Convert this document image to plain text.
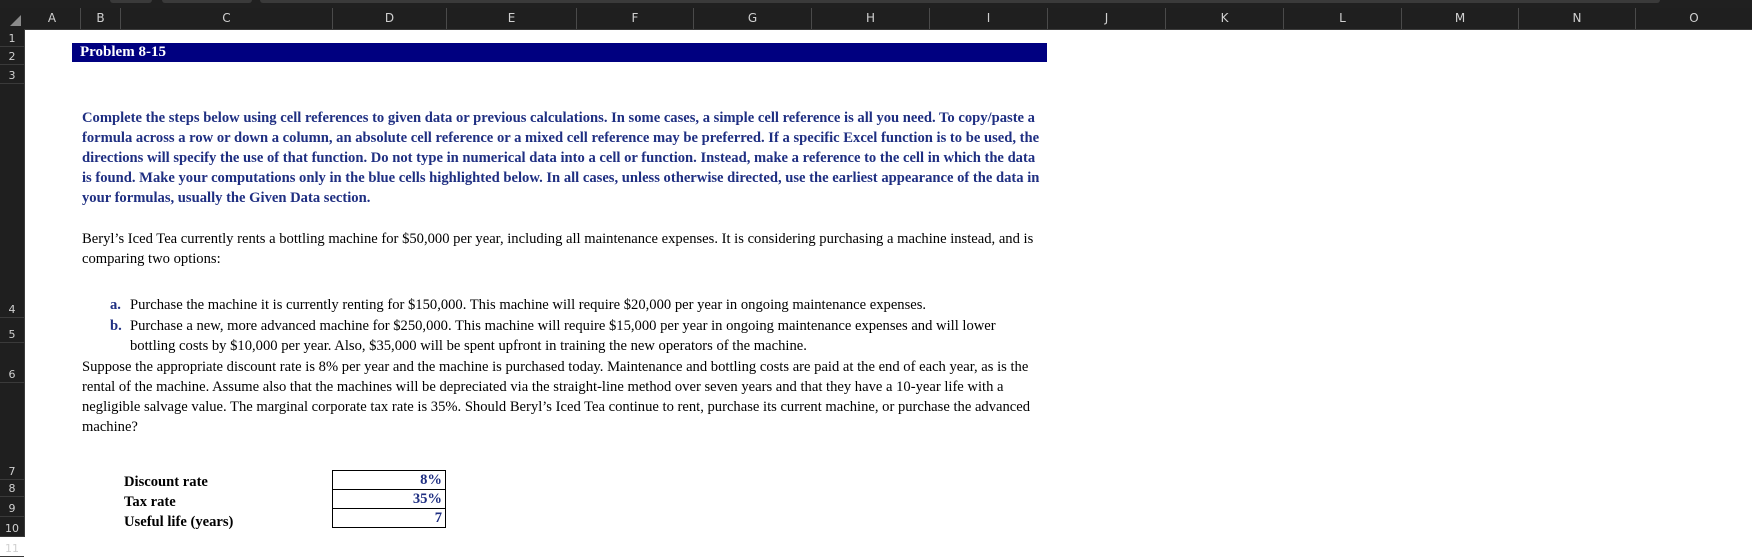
A	B	C	D	E	F	G	H	I	J	K	L	M	N	O
1
2
3
4
5
6
7
8
9
10
11
Problem 8-15
Complete the steps below using cell references to given data or previous calculations. In some cases, a simple cell reference is all you need. To copy/paste a formula across a row or down a column, an absolute cell reference or a mixed cell reference may be preferred. If a specific Excel function is to be used, the directions will specify the use of that function. Do not type in numerical data into a cell or function. Instead, make a reference to the cell in which the data is found. Make your computations only in the blue cells highlighted below. In all cases, unless otherwise directed, use the earliest appearance of the data in your formulas, usually the Given Data section.
Beryl’s Iced Tea currently rents a bottling machine for $50,000 per year, including all maintenance expenses. It is considering purchasing a machine instead, and is comparing two options:
a. Purchase the machine it is currently renting for $150,000. This machine will require $20,000 per year in ongoing maintenance expenses.
b. Purchase a new, more advanced machine for $250,000. This machine will require $15,000 per year in ongoing maintenance expenses and will lower
bottling costs by $10,000 per year. Also, $35,000 will be spent upfront in training the new operators of the machine.
Suppose the appropriate discount rate is 8% per year and the machine is purchased today. Maintenance and bottling costs are paid at the end of each year, as is the rental of the machine. Assume also that the machines will be depreciated via the straight-line method over seven years and that they have a 10-year life with a negligible salvage value. The marginal corporate tax rate is 35%. Should Beryl’s Iced Tea continue to rent, purchase its current machine, or purchase the advanced machine?
Discount rate	8%
Tax rate	35%
Useful life (years)	7
